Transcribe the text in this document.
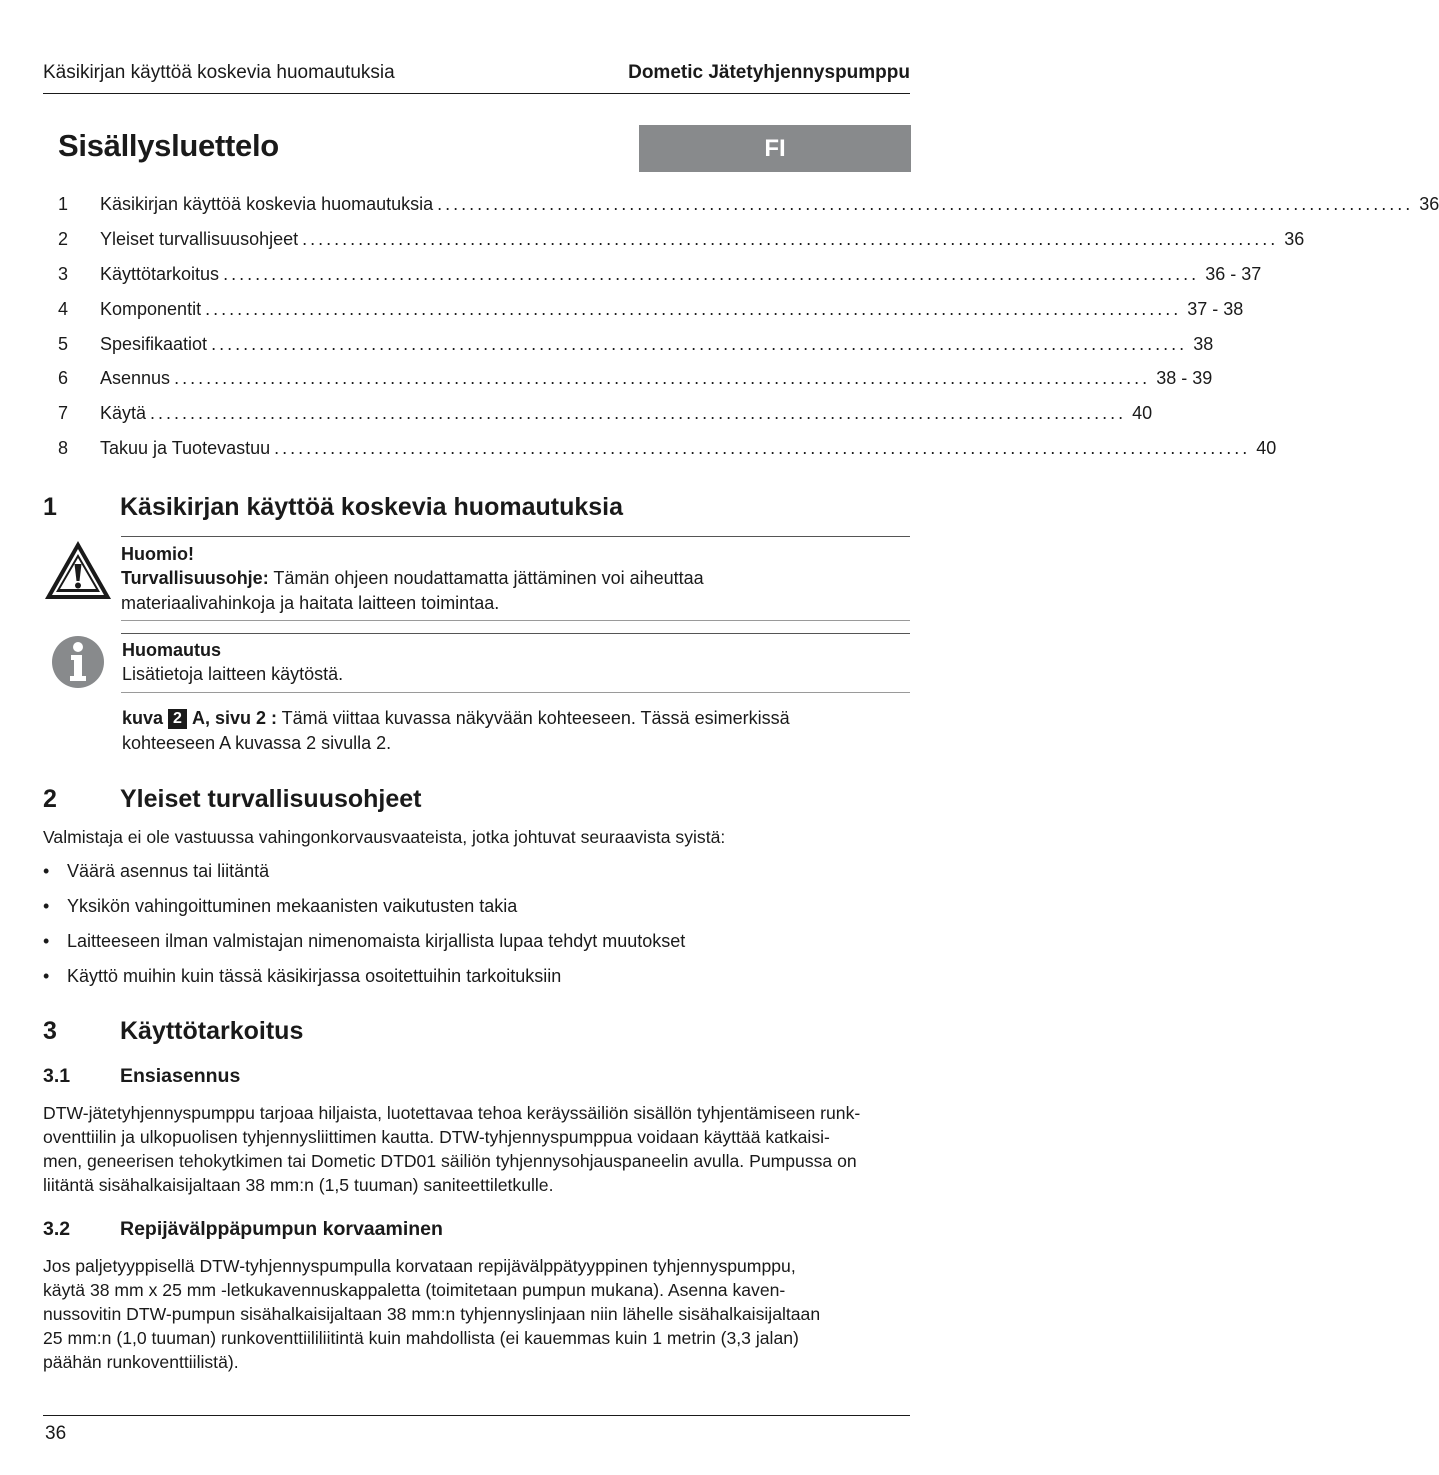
Käsikirjan käyttöä koskevia huomautuksia	Dometic Jätetyhjennyspumppu
Sisällysluettelo	FI
1	Käsikirjan käyttöä koskevia huomautuksia .......................................................................................................................... 36
2	Yleiset turvallisuusohjeet .......................................................................................................................... 36
3	Käyttötarkoitus .......................................................................................................................... 36 - 37
4	Komponentit .......................................................................................................................... 37 - 38
5	Spesifikaatiot .......................................................................................................................... 38
6	Asennus .......................................................................................................................... 38 - 39
7	Käytä .......................................................................................................................... 40
8	Takuu ja Tuotevastuu .......................................................................................................................... 40
1	Käsikirjan käyttöä koskevia huomautuksia
Huomio!
Turvallisuusohje: Tämän ohjeen noudattamatta jättäminen voi aiheuttaa
materiaalivahinkoja ja haitata laitteen toimintaa.
Huomautus
Lisätietoja laitteen käytöstä.
kuva 2 A, sivu 2 : Tämä viittaa kuvassa näkyvään kohteeseen. Tässä esimerkissä
kohteeseen A kuvassa 2 sivulla 2.
2	Yleiset turvallisuusohjeet
Valmistaja ei ole vastuussa vahingonkorvausvaateista, jotka johtuvat seuraavista syistä:
• Väärä asennus tai liitäntä
• Yksikön vahingoittuminen mekaanisten vaikutusten takia
• Laitteeseen ilman valmistajan nimenomaista kirjallista lupaa tehdyt muutokset
• Käyttö muihin kuin tässä käsikirjassa osoitettuihin tarkoituksiin
3	Käyttötarkoitus
3.1	Ensiasennus
DTW-jätetyhjennyspumppu tarjoaa hiljaista, luotettavaa tehoa keräyssäiliön sisällön tyhjentämiseen runk-
oventtiilin ja ulkopuolisen tyhjennysliittimen kautta. DTW-tyhjennyspumppua voidaan käyttää katkaisi-
men, geneerisen tehokytkimen tai Dometic DTD01 säiliön tyhjennysohjauspaneelin avulla. Pumpussa on
liitäntä sisähalkaisijaltaan 38 mm:n (1,5 tuuman) saniteettiletkulle.
3.2	Repijävälppäpumpun korvaaminen
Jos paljetyyppisellä DTW-tyhjennyspumpulla korvataan repijävälppätyyppinen tyhjennyspumppu,
käytä 38 mm x 25 mm -letkukavennuskappaletta (toimitetaan pumpun mukana). Asenna kaven-
nussovitin DTW-pumpun sisähalkaisijaltaan 38 mm:n tyhjennyslinjaan niin lähelle sisähalkaisijaltaan
25 mm:n (1,0 tuuman) runkoventtiililiitintä kuin mahdollista (ei kauemmas kuin 1 metrin (3,3 jalan)
päähän runkoventtiilistä).
36
